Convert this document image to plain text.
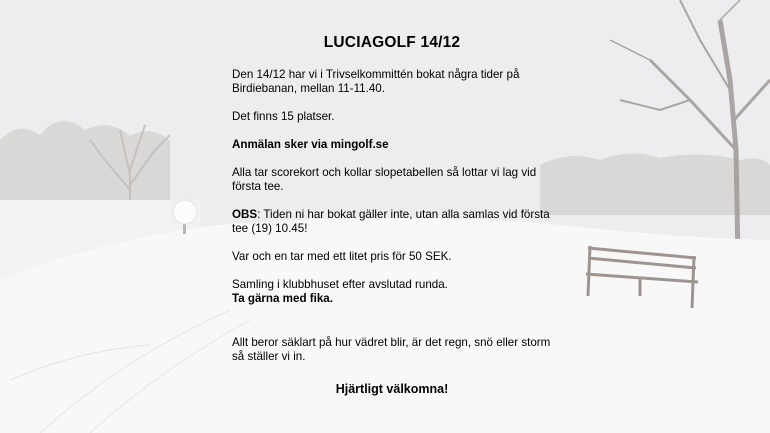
LUCIAGOLF 14/12
Den 14/12 har vi i Trivselkommittén bokat några tider på Birdiebanan, mellan 11-11.40.
Det finns 15 platser.
Anmälan sker via mingolf.se
Alla tar scorekort och kollar slopetabellen så lottar vi lag vid första tee.
OBS: Tiden ni har bokat gäller inte, utan alla samlas vid första tee (19) 10.45!
Var och en tar med ett litet pris för 50 SEK.
Samling i klubbhuset efter avslutad runda.
Ta gärna med fika.
Allt beror säklart på hur vädret blir, är det regn, snö eller storm så ställer vi in.
Hjärtligt välkomna!
